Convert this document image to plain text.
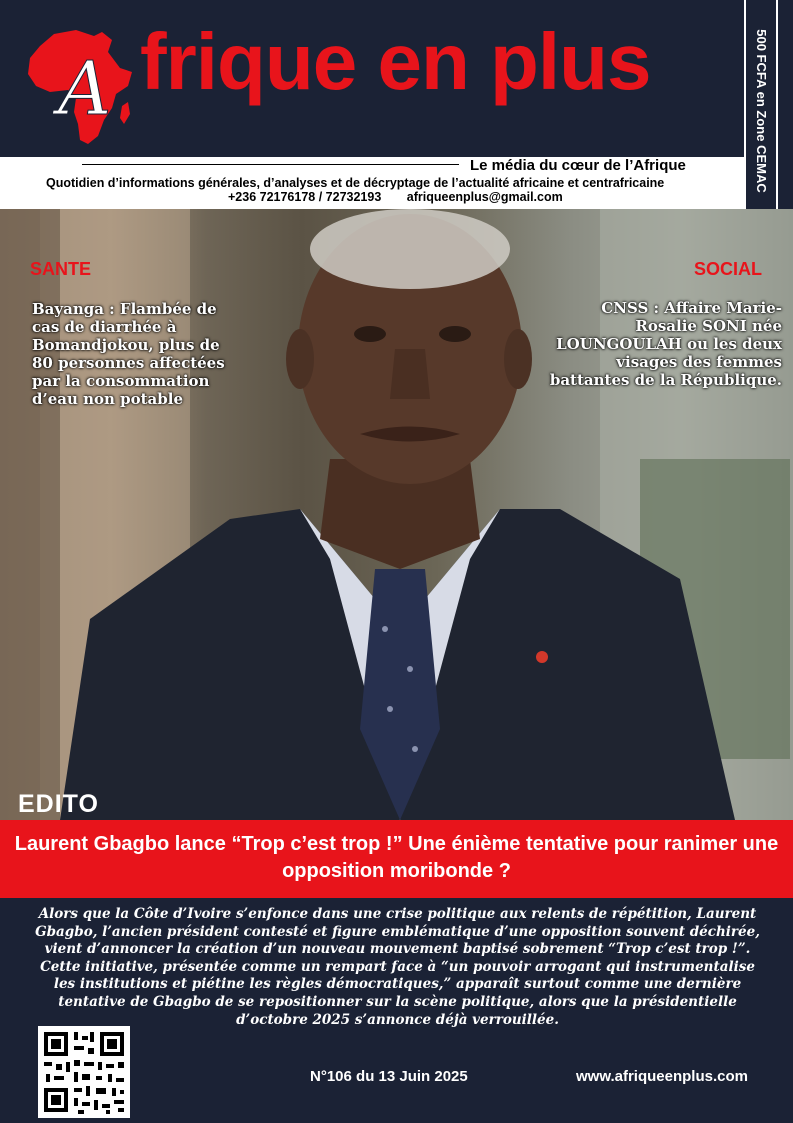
A frique en plus	500 FCFA en Zone CEMAC
Le média du cœur de l’Afrique
Quotidien d’informations générales, d’analyses et de décryptage de l’actualité africaine et centrafricaine
+236 72176178 / 72732193 afriqueenplus@gmail.com
SANTE
Bayanga : Flambée de cas de diarrhée à Bomandjokou, plus de 80 personnes affectées par la consommation d’eau non potable
SOCIAL
CNSS : Affaire Marie-Rosalie SONI née LOUNGOULAH ou les deux visages des femmes battantes de la République.
EDITO
Laurent Gbagbo lance “Trop c’est trop !” Une énième tentative pour ranimer une opposition moribonde ?
Alors que la Côte d’Ivoire s’enfonce dans une crise politique aux relents de répétition, Laurent Gbagbo, l’ancien président contesté et figure emblématique d’une opposition souvent déchirée, vient d’annoncer la création d’un nouveau mouvement baptisé sobrement “Trop c’est trop !”. Cette initiative, présentée comme un rempart face à “un pouvoir arrogant qui instrumentalise les institutions et piétine les règles démocratiques,” apparaît surtout comme une dernière tentative de Gbagbo de se repositionner sur la scène politique, alors que la présidentielle d’octobre 2025 s’annonce déjà verrouillée.
N°106 du 13 Juin 2025	www.afriqueenplus.com
